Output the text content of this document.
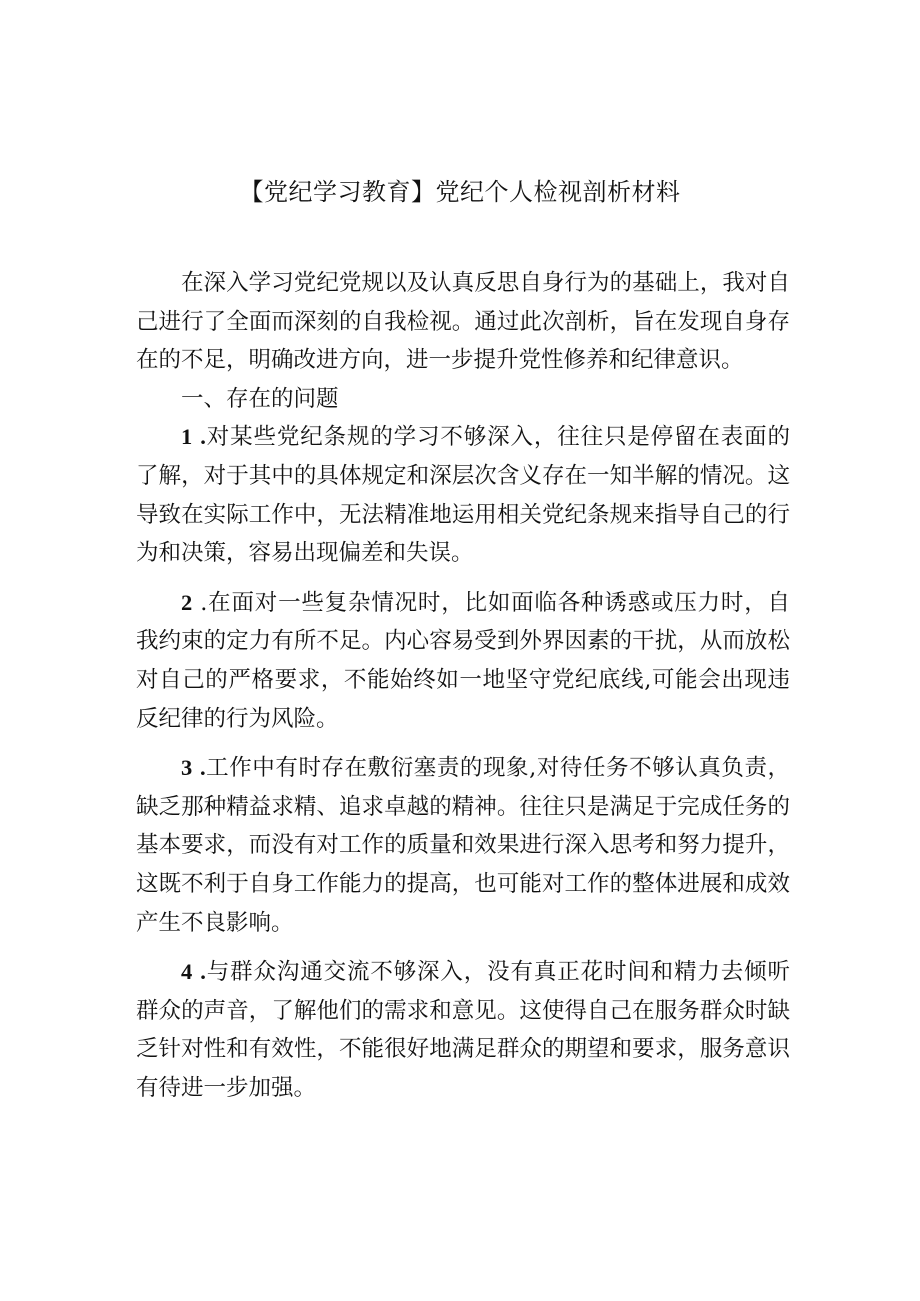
【党纪学习教育】党纪个人检视剖析材料

在深入学习党纪党规以及认真反思自身行为的基础上，我对自己进行了全面而深刻的自我检视。通过此次剖析，旨在发现自身存在的不足，明确改进方向，进一步提升党性修养和纪律意识。

一、存在的问题

1 .对某些党纪条规的学习不够深入，往往只是停留在表面的了解，对于其中的具体规定和深层次含义存在一知半解的情况。这导致在实际工作中，无法精准地运用相关党纪条规来指导自己的行为和决策，容易出现偏差和失误。

2 .在面对一些复杂情况时，比如面临各种诱惑或压力时，自我约束的定力有所不足。内心容易受到外界因素的干扰，从而放松对自己的严格要求，不能始终如一地坚守党纪底线,可能会出现违反纪律的行为风险。

3 .工作中有时存在敷衍塞责的现象,对待任务不够认真负责，缺乏那种精益求精、追求卓越的精神。往往只是满足于完成任务的基本要求，而没有对工作的质量和效果进行深入思考和努力提升，这既不利于自身工作能力的提高，也可能对工作的整体进展和成效产生不良影响。

4 .与群众沟通交流不够深入，没有真正花时间和精力去倾听群众的声音，了解他们的需求和意见。这使得自己在服务群众时缺乏针对性和有效性，不能很好地满足群众的期望和要求，服务意识有待进一步加强。
